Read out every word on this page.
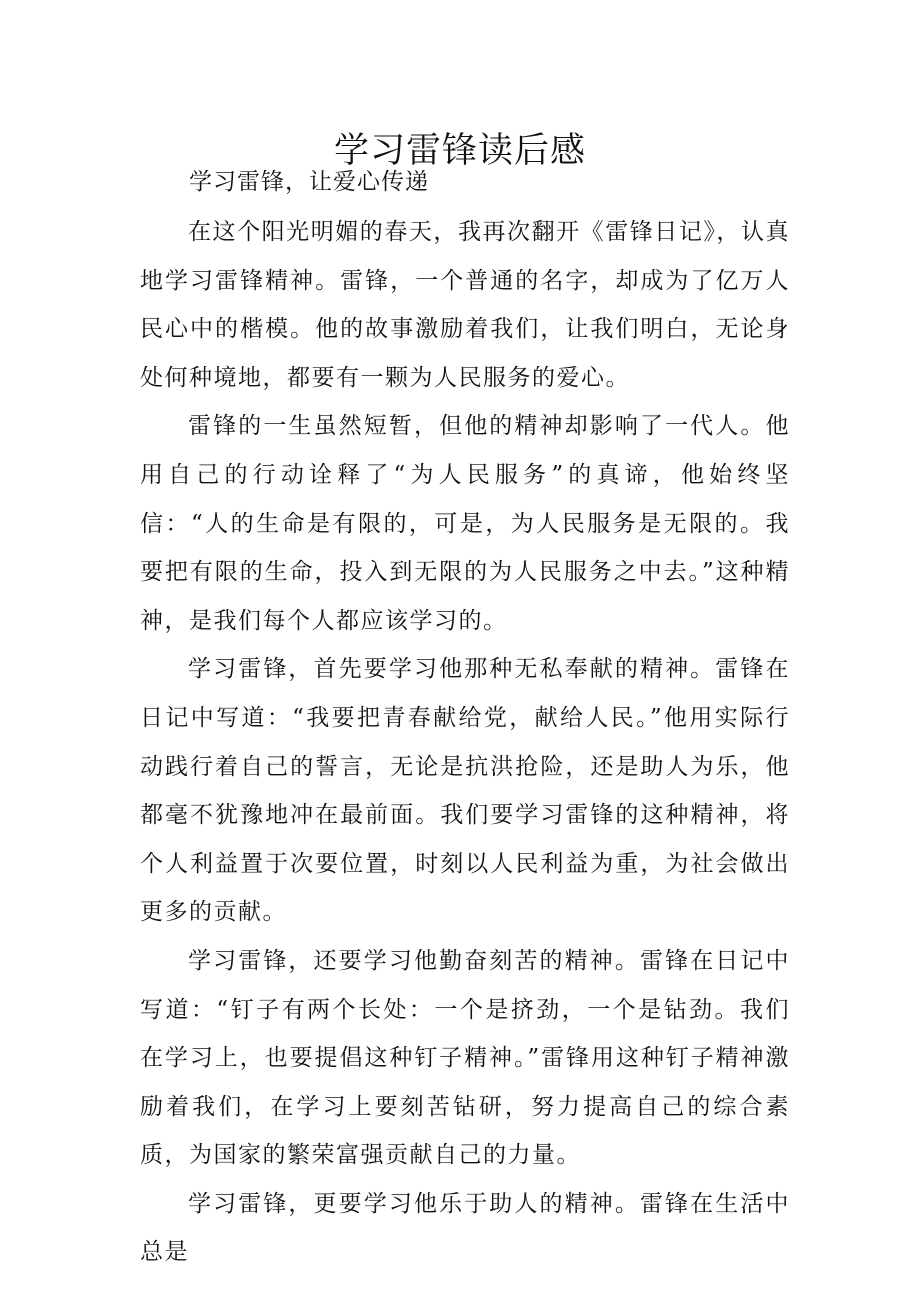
学习雷锋读后感
学习雷锋，让爱心传递

在这个阳光明媚的春天，我再次翻开《雷锋日记》，认真地学习雷锋精神。雷锋，一个普通的名字，却成为了亿万人民心中的楷模。他的故事激励着我们，让我们明白，无论身处何种境地，都要有一颗为人民服务的爱心。

雷锋的一生虽然短暂，但他的精神却影响了一代人。他用自己的行动诠释了“为人民服务”的真谛，他始终坚信：“人的生命是有限的，可是，为人民服务是无限的。我要把有限的生命，投入到无限的为人民服务之中去。”这种精神，是我们每个人都应该学习的。

学习雷锋，首先要学习他那种无私奉献的精神。雷锋在日记中写道：“我要把青春献给党，献给人民。”他用实际行动践行着自己的誓言，无论是抗洪抢险，还是助人为乐，他都毫不犹豫地冲在最前面。我们要学习雷锋的这种精神，将个人利益置于次要位置，时刻以人民利益为重，为社会做出更多的贡献。

学习雷锋，还要学习他勤奋刻苦的精神。雷锋在日记中写道：“钉子有两个长处：一个是挤劲，一个是钻劲。我们在学习上，也要提倡这种钉子精神。”雷锋用这种钉子精神激励着我们，在学习上要刻苦钻研，努力提高自己的综合素质，为国家的繁荣富强贡献自己的力量。

学习雷锋，更要学习他乐于助人的精神。雷锋在生活中总是
